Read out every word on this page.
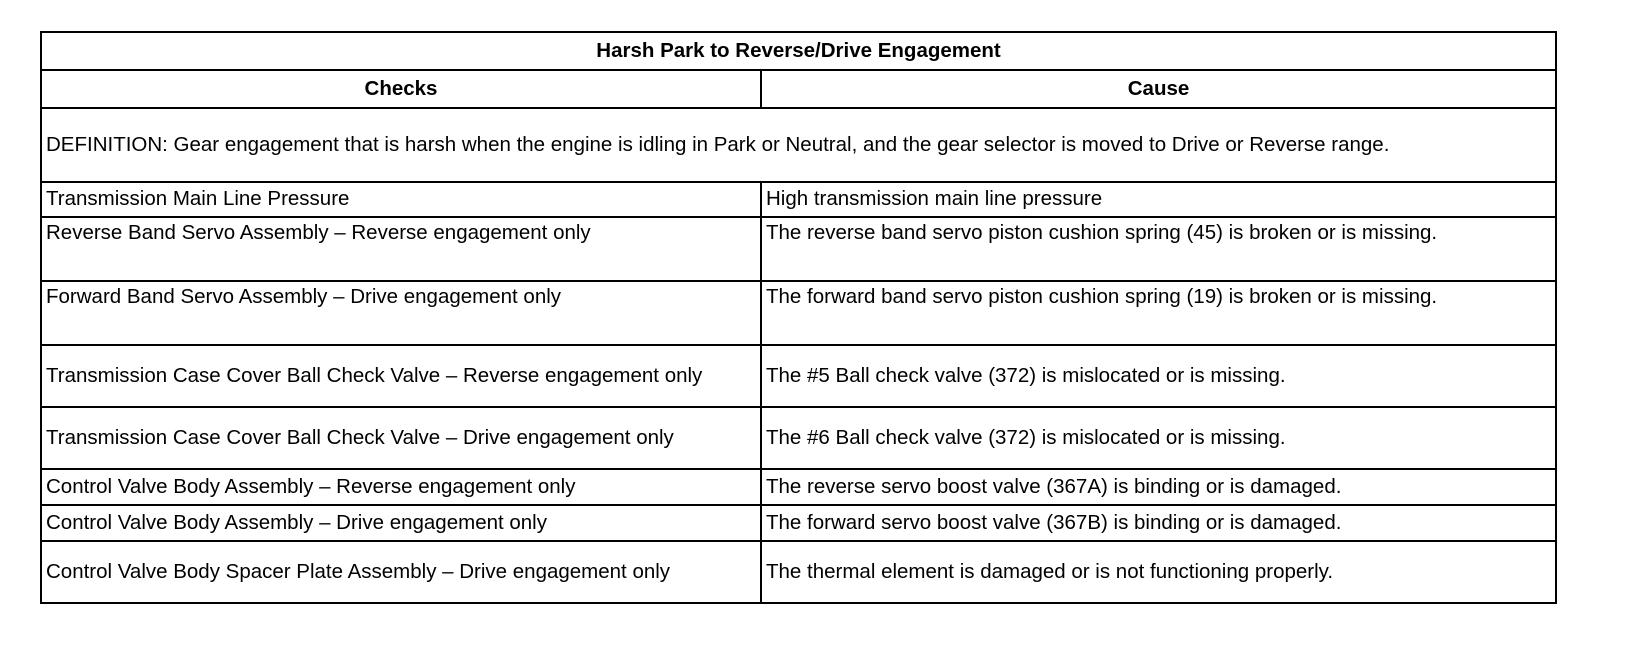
Harsh Park to Reverse/Drive Engagement	
Checks	Cause
DEFINITION: Gear engagement that is harsh when the engine is idling in Park or Neutral, and the gear selector is moved to Drive or Reverse range.	
Transmission Main Line Pressure	High transmission main line pressure
Reverse Band Servo Assembly – Reverse engagement only	The reverse band servo piston cushion spring (45) is broken or is missing.
Forward Band Servo Assembly – Drive engagement only	The forward band servo piston cushion spring (19) is broken or is missing.
Transmission Case Cover Ball Check Valve – Reverse engagement only	The #5 Ball check valve (372) is mislocated or is missing.
Transmission Case Cover Ball Check Valve – Drive engagement only	The #6 Ball check valve (372) is mislocated or is missing.
Control Valve Body Assembly – Reverse engagement only	The reverse servo boost valve (367A) is binding or is damaged.
Control Valve Body Assembly – Drive engagement only	The forward servo boost valve (367B) is binding or is damaged.
Control Valve Body Spacer Plate Assembly – Drive engagement only	The thermal element is damaged or is not functioning properly.
